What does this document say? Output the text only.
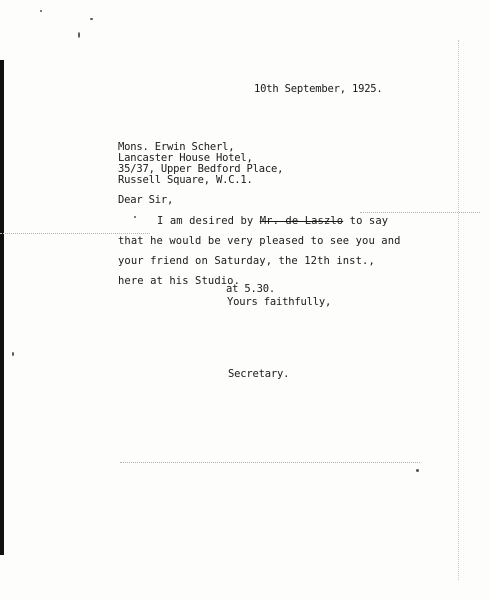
10th September, 1925.
Mons. Erwin Scherl,
Lancaster House Hotel,
35/37, Upper Bedford Place,
Russell Square, W.C.1.
Dear Sir,
I am desired by Mr. de Laszlo to say
that he would be very pleased to see you and
your friend on Saturday, the 12th inst.,
here at his Studio.
at 5.30.
Yours faithfully,
Secretary.
